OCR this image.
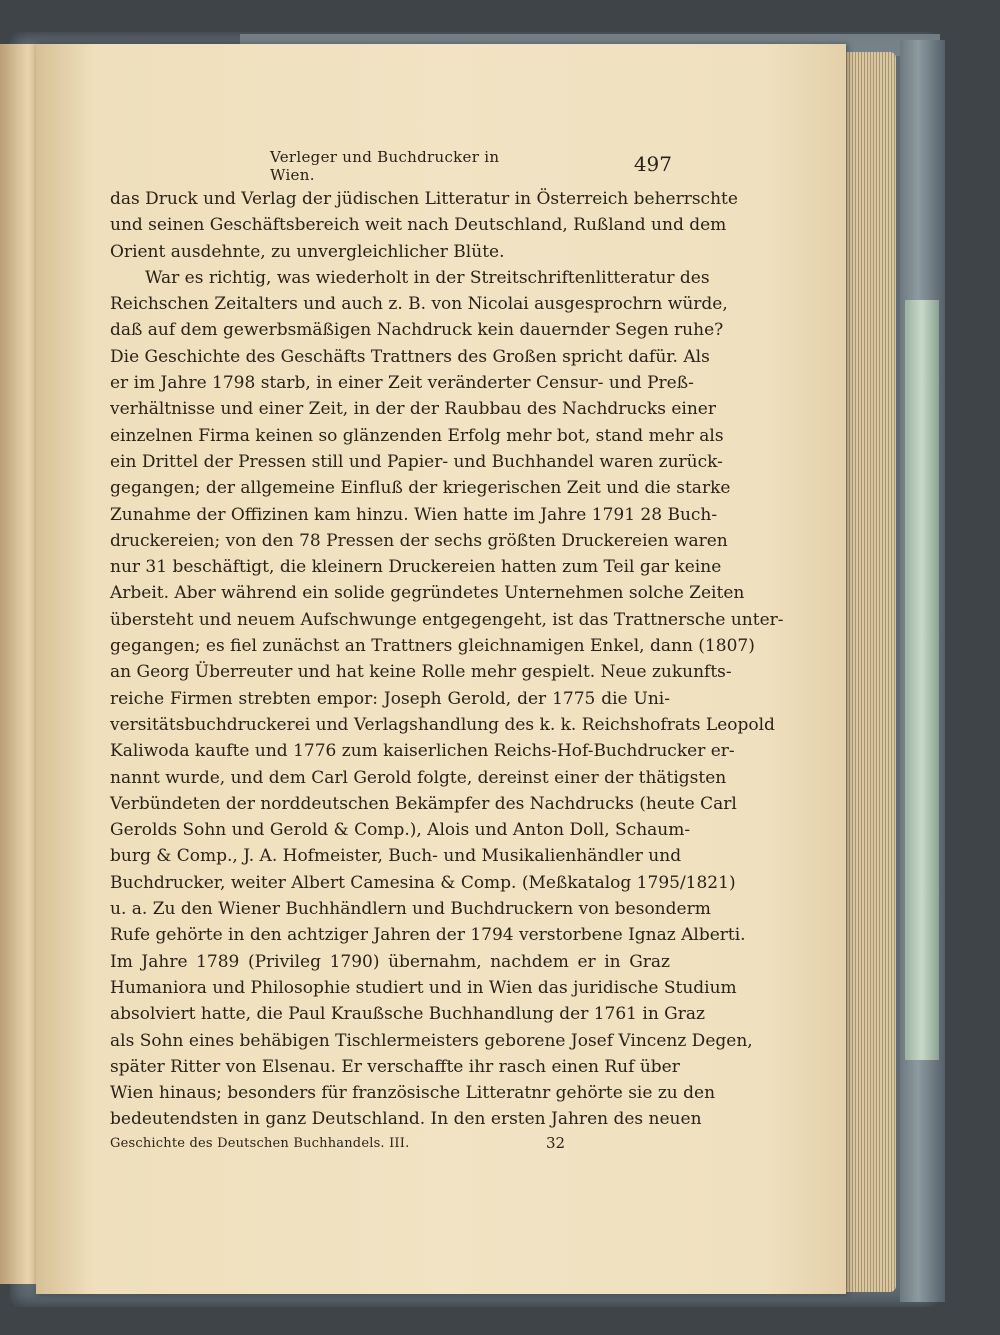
Verleger und Buchdrucker in Wien.	497
das Druck und Verlag der jüdischen Litteratur in Österreich beherrschte
und seinen Geschäftsbereich weit nach Deutschland, Rußland und dem
Orient ausdehnte, zu unvergleichlicher Blüte.
War es richtig, was wiederholt in der Streitschriftenlitteratur des
Reichschen Zeitalters und auch z. B. von Nicolai ausgesprochrn würde,
daß auf dem gewerbsmäßigen Nachdruck kein dauernder Segen ruhe?
Die Geschichte des Geschäfts Trattners des Großen spricht dafür. Als
er im Jahre 1798 starb, in einer Zeit veränderter Censur- und Preß-
verhältnisse und einer Zeit, in der der Raubbau des Nachdrucks einer
einzelnen Firma keinen so glänzenden Erfolg mehr bot, stand mehr als
ein Drittel der Pressen still und Papier- und Buchhandel waren zurück-
gegangen; der allgemeine Einfluß der kriegerischen Zeit und die starke
Zunahme der Offizinen kam hinzu. Wien hatte im Jahre 1791 28 Buch-
druckereien; von den 78 Pressen der sechs größten Druckereien waren
nur 31 beschäftigt, die kleinern Druckereien hatten zum Teil gar keine
Arbeit. Aber während ein solide gegründetes Unternehmen solche Zeiten
übersteht und neuem Aufschwunge entgegengeht, ist das Trattnersche unter-
gegangen; es fiel zunächst an Trattners gleichnamigen Enkel, dann (1807)
an Georg Überreuter und hat keine Rolle mehr gespielt. Neue zukunfts-
reiche Firmen strebten empor: Joseph Gerold, der 1775 die Uni-
versitätsbuchdruckerei und Verlagshandlung des k. k. Reichshofrats Leopold
Kaliwoda kaufte und 1776 zum kaiserlichen Reichs-Hof-Buchdrucker er-
nannt wurde, und dem Carl Gerold folgte, dereinst einer der thätigsten
Verbündeten der norddeutschen Bekämpfer des Nachdrucks (heute Carl
Gerolds Sohn und Gerold & Comp.), Alois und Anton Doll, Schaum-
burg & Comp., J. A. Hofmeister, Buch- und Musikalienhändler und
Buchdrucker, weiter Albert Camesina & Comp. (Meßkatalog 1795/1821)
u. a. Zu den Wiener Buchhändlern und Buchdruckern von besonderm
Rufe gehörte in den achtziger Jahren der 1794 verstorbene Ignaz Alberti.
Im Jahre 1789 (Privileg 1790) übernahm, nachdem er in Graz
Humaniora und Philosophie studiert und in Wien das juridische Studium
absolviert hatte, die Paul Kraußsche Buchhandlung der 1761 in Graz
als Sohn eines behäbigen Tischlermeisters geborene Josef Vincenz Degen,
später Ritter von Elsenau. Er verschaffte ihr rasch einen Ruf über
Wien hinaus; besonders für französische Litteratnr gehörte sie zu den
bedeutendsten in ganz Deutschland. In den ersten Jahren des neuen
Geschichte des Deutschen Buchhandels. III.	32
